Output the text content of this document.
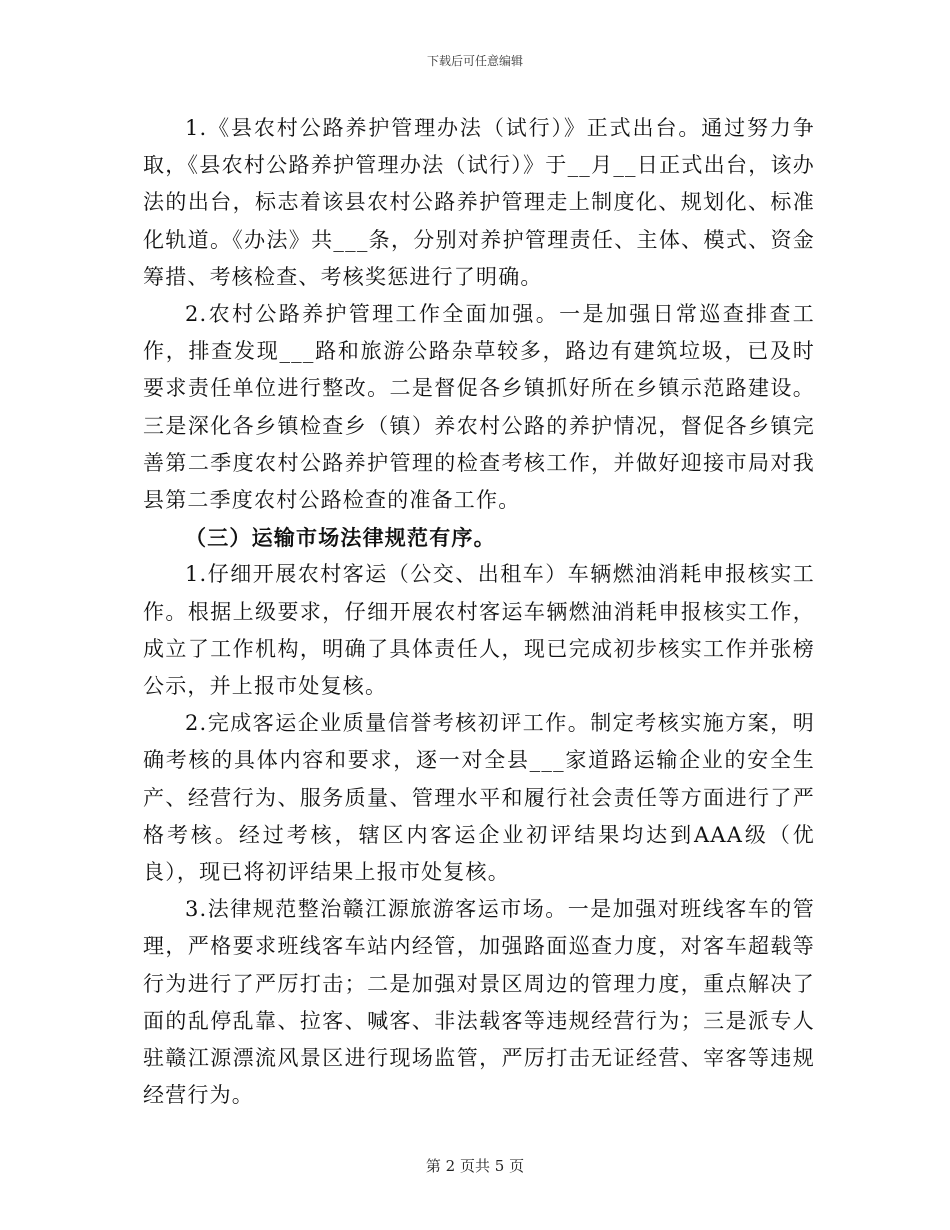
下载后可任意编辑

1.《县农村公路养护管理办法（试行）》正式出台。通过努力争取，《县农村公路养护管理办法（试行）》于__月__日正式出台，该办法的出台，标志着该县农村公路养护管理走上制度化、规划化、标准化轨道。《办法》共___条，分别对养护管理责任、主体、模式、资金筹措、考核检查、考核奖惩进行了明确。

2.农村公路养护管理工作全面加强。一是加强日常巡查排查工作，排查发现___路和旅游公路杂草较多，路边有建筑垃圾，已及时要求责任单位进行整改。二是督促各乡镇抓好所在乡镇示范路建设。三是深化各乡镇检查乡（镇）养农村公路的养护情况，督促各乡镇完善第二季度农村公路养护管理的检查考核工作，并做好迎接市局对我县第二季度农村公路检查的准备工作。

（三）运输市场法律规范有序。

1.仔细开展农村客运（公交、出租车）车辆燃油消耗申报核实工作。根据上级要求，仔细开展农村客运车辆燃油消耗申报核实工作，成立了工作机构，明确了具体责任人，现已完成初步核实工作并张榜公示，并上报市处复核。

2.完成客运企业质量信誉考核初评工作。制定考核实施方案，明确考核的具体内容和要求，逐一对全县___家道路运输企业的安全生产、经营行为、服务质量、管理水平和履行社会责任等方面进行了严格考核。经过考核，辖区内客运企业初评结果均达到AAA级（优良），现已将初评结果上报市处复核。

3.法律规范整治赣江源旅游客运市场。一是加强对班线客车的管理，严格要求班线客车站内经管，加强路面巡查力度，对客车超载等行为进行了严厉打击；二是加强对景区周边的管理力度，重点解决了面的乱停乱靠、拉客、喊客、非法载客等违规经营行为；三是派专人驻赣江源漂流风景区进行现场监管，严厉打击无证经营、宰客等违规经营行为。

第 2 页共 5 页
